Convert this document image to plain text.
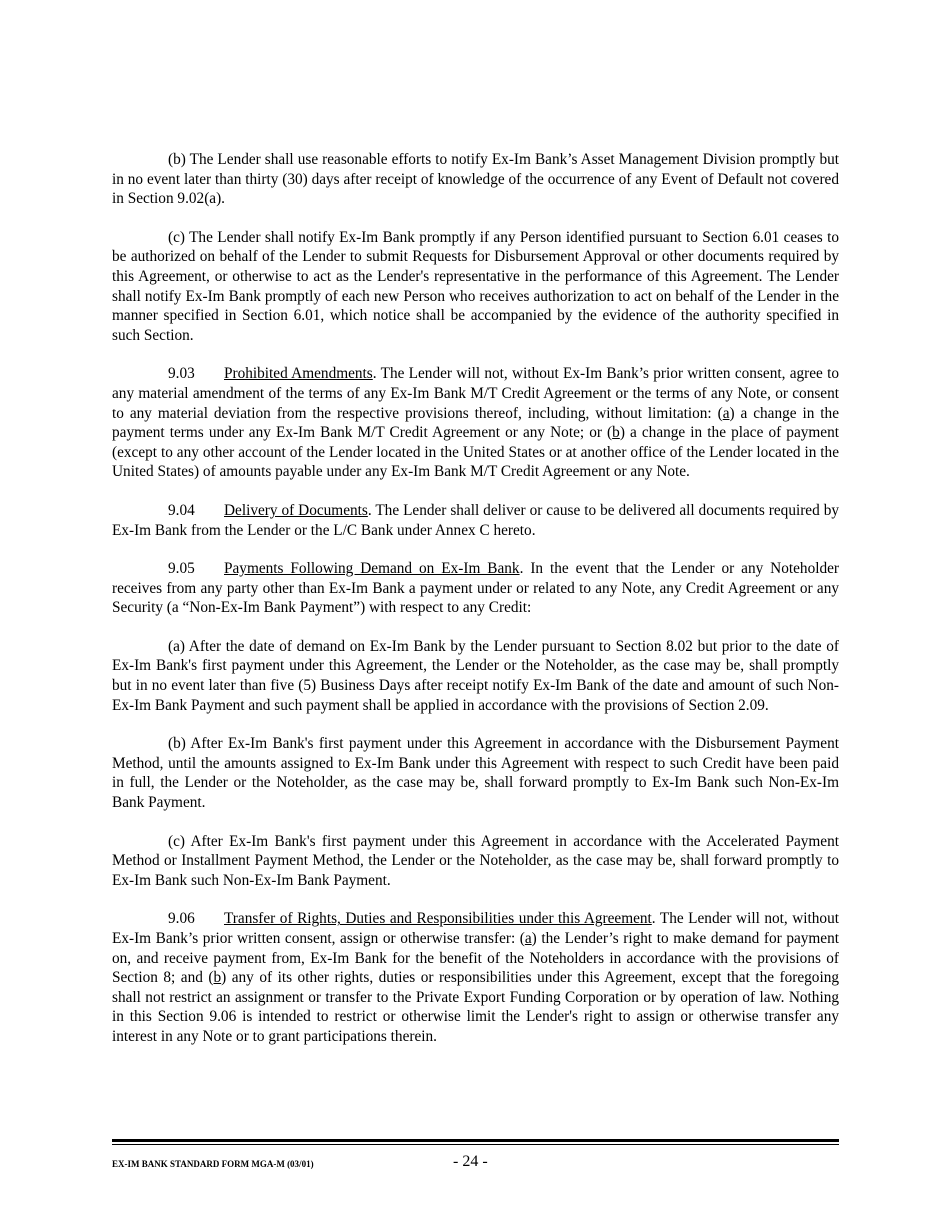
(b) The Lender shall use reasonable efforts to notify Ex-Im Bank’s Asset Management Division promptly but in no event later than thirty (30) days after receipt of knowledge of the occurrence of any Event of Default not covered in Section 9.02(a).

(c) The Lender shall notify Ex-Im Bank promptly if any Person identified pursuant to Section 6.01 ceases to be authorized on behalf of the Lender to submit Requests for Disbursement Approval or other documents required by this Agreement, or otherwise to act as the Lender's representative in the performance of this Agreement. The Lender shall notify Ex-Im Bank promptly of each new Person who receives authorization to act on behalf of the Lender in the manner specified in Section 6.01, which notice shall be accompanied by the evidence of the authority specified in such Section.

9.03 Prohibited Amendments. The Lender will not, without Ex-Im Bank’s prior written consent, agree to any material amendment of the terms of any Ex-Im Bank M/T Credit Agreement or the terms of any Note, or consent to any material deviation from the respective provisions thereof, including, without limitation: (a) a change in the payment terms under any Ex-Im Bank M/T Credit Agreement or any Note; or (b) a change in the place of payment (except to any other account of the Lender located in the United States or at another office of the Lender located in the United States) of amounts payable under any Ex-Im Bank M/T Credit Agreement or any Note.

9.04 Delivery of Documents. The Lender shall deliver or cause to be delivered all documents required by Ex-Im Bank from the Lender or the L/C Bank under Annex C hereto.

9.05 Payments Following Demand on Ex-Im Bank. In the event that the Lender or any Noteholder receives from any party other than Ex-Im Bank a payment under or related to any Note, any Credit Agreement or any Security (a “Non-Ex-Im Bank Payment”) with respect to any Credit:

(a) After the date of demand on Ex-Im Bank by the Lender pursuant to Section 8.02 but prior to the date of Ex-Im Bank's first payment under this Agreement, the Lender or the Noteholder, as the case may be, shall promptly but in no event later than five (5) Business Days after receipt notify Ex-Im Bank of the date and amount of such Non-Ex-Im Bank Payment and such payment shall be applied in accordance with the provisions of Section 2.09.

(b) After Ex-Im Bank's first payment under this Agreement in accordance with the Disbursement Payment Method, until the amounts assigned to Ex-Im Bank under this Agreement with respect to such Credit have been paid in full, the Lender or the Noteholder, as the case may be, shall forward promptly to Ex-Im Bank such Non-Ex-Im Bank Payment.

(c) After Ex-Im Bank's first payment under this Agreement in accordance with the Accelerated Payment Method or Installment Payment Method, the Lender or the Noteholder, as the case may be, shall forward promptly to Ex-Im Bank such Non-Ex-Im Bank Payment.

9.06 Transfer of Rights, Duties and Responsibilities under this Agreement. The Lender will not, without Ex-Im Bank’s prior written consent, assign or otherwise transfer: (a) the Lender’s right to make demand for payment on, and receive payment from, Ex-Im Bank for the benefit of the Noteholders in accordance with the provisions of Section 8; and (b) any of its other rights, duties or responsibilities under this Agreement, except that the foregoing shall not restrict an assignment or transfer to the Private Export Funding Corporation or by operation of law. Nothing in this Section 9.06 is intended to restrict or otherwise limit the Lender's right to assign or otherwise transfer any interest in any Note or to grant participations therein.

EX-IM BANK STANDARD FORM MGA-M (03/01)	- 24 -
